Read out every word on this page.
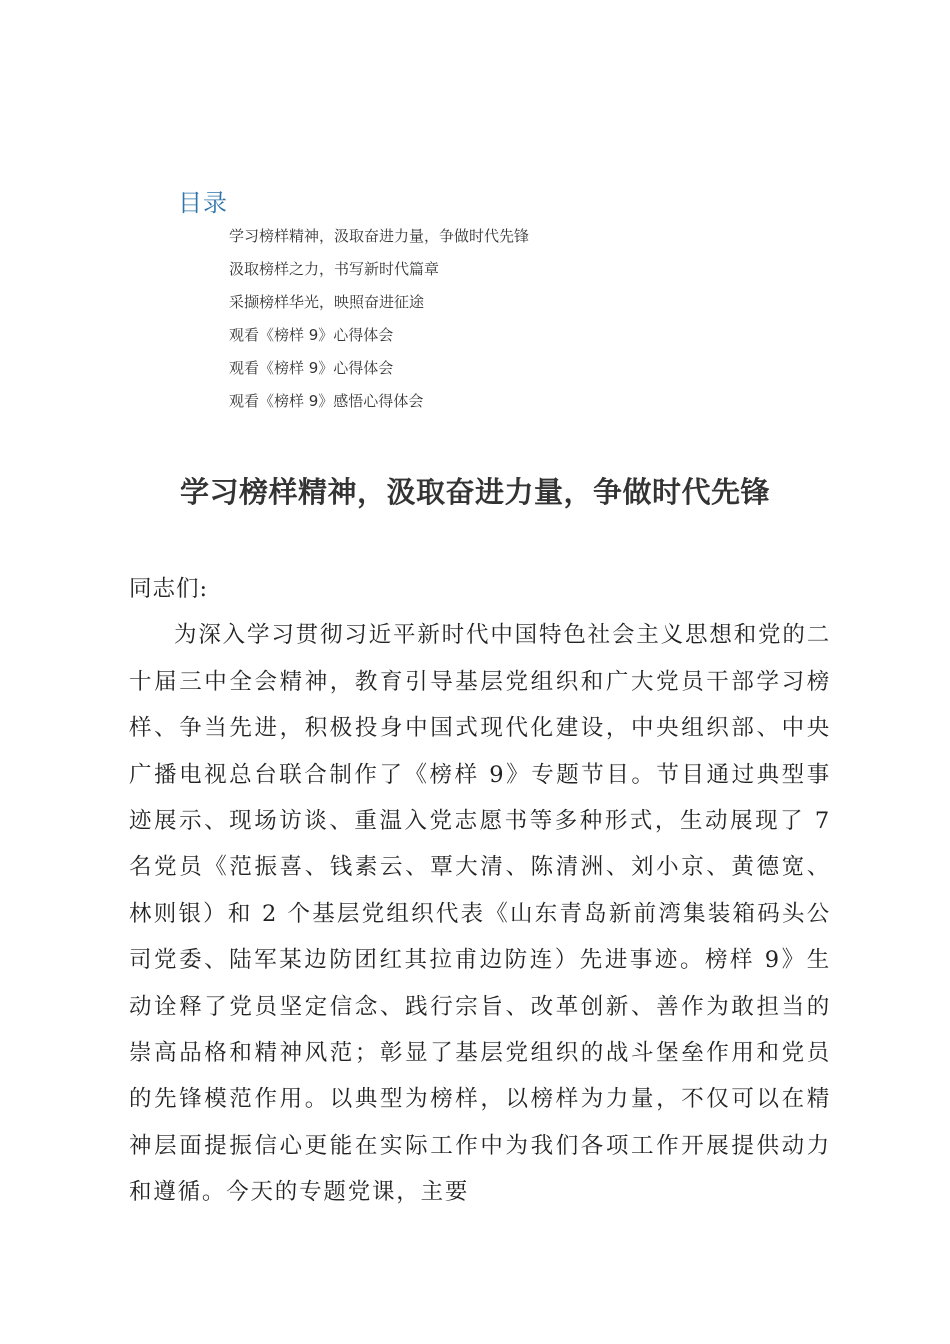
目录
学习榜样精神，汲取奋进力量，争做时代先锋
汲取榜样之力，书写新时代篇章
采撷榜样华光，映照奋进征途
观看《榜样 9》心得体会
观看《榜样 9》心得体会
观看《榜样 9》感悟心得体会
学习榜样精神，汲取奋进力量，争做时代先锋

同志们:

为深入学习贯彻习近平新时代中国特色社会主义思想和党的二十届三中全会精神，教育引导基层党组织和广大党员干部学习榜样、争当先进，积极投身中国式现代化建设，中央组织部、中央广播电视总台联合制作了《榜样 9》专题节目。节目通过典型事迹展示、现场访谈、重温入党志愿书等多种形式，生动展现了 7 名党员《范振喜、钱素云、覃大清、陈清洲、刘小京、黄德宽、林则银）和 2 个基层党组织代表《山东青岛新前湾集装箱码头公司党委、陆军某边防团红其拉甫边防连）先进事迹。榜样 9》生动诠释了党员坚定信念、践行宗旨、改革创新、善作为敢担当的崇高品格和精神风范；彰显了基层党组织的战斗堡垒作用和党员的先锋模范作用。以典型为榜样，以榜样为力量，不仅可以在精神层面提振信心更能在实际工作中为我们各项工作开展提供动力和遵循。今天的专题党课，主要
